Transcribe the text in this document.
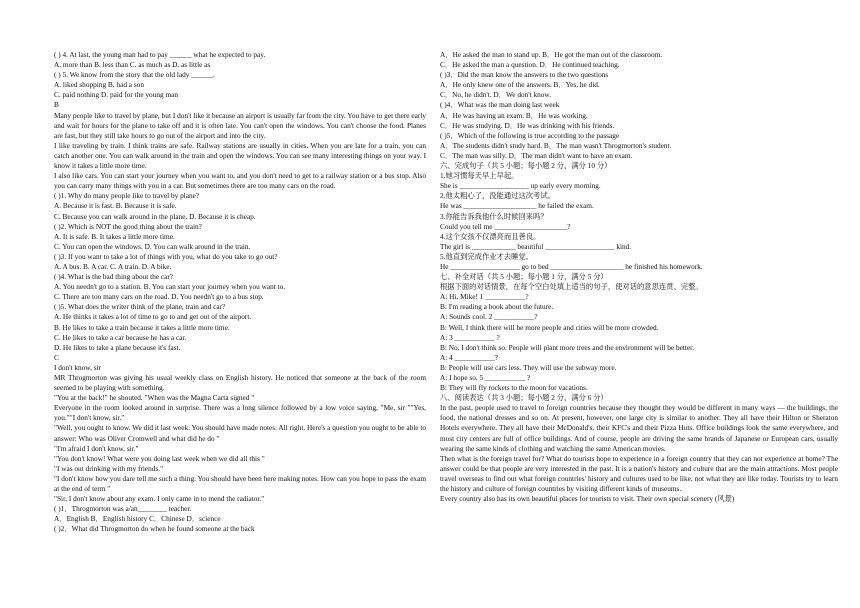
( ) 4. At last, the young man had to pay ______ what he expected to pay.
A. more than B. less than C. as much as D. as little as
( ) 5. We know from the story that the old lady ______.
A. liked shopping B. had a son
C. paid nothing D. paid for the young man
B
Many people like to travel by plane, but I don't like it because an airport is usually far from the city. You have to get there early and wait for hours for the plane to take off and it is often late. You can't open the windows. You can't choose the food. Planes are fast, but they still take hours to go out of the airport and into the city.
I like traveling by train. I think trains are safe. Railway stations are usually in cities. When you are late for a train, you can catch another one. You can walk around in the train and open the windows. You can see many interesting things on your way. I know it takes a little more time.
I also like cars. You can start your journey when you want to, and you don't need to get to a railway station or a bus stop. Also you can carry many things with you in a car. But sometimes there are too many cars on the road.
( )1. Why do many people like to travel by plane?
A. Because it is fast. B. Because it is safe.
C. Because you can walk around in the plane. D. Because it is cheap.
( )2. Which is NOT the good thing about the train?
A. It is safe. B. It takes a little more time.
C. You can open the windows. D. You can walk around in the train.
( )3. If you want to take a lot of things with you, what do you take to go out?
A. A bus. B. A car. C. A train. D. A bike.
( )4. What is the bad thing about the car?
A. You needn't go to a station. B. You can start your journey when you want to.
C. There are too many cars on the road. D. You needn't go to a bus stop.
( )5. What does the writer think of the plane, train and car?
A. He thinks it takes a lot of time to go to and get out of the airport.
B. He likes to take a train because it takes a little more time.
C. He likes to take a car because he has a car.
D. He likes to take a plane because it's fast.
C
I don't know, sir
MR Throgmorton was giving his usual weekly class on English history. He noticed that someone at the back of the room seemed to be playing with something.
"You at the back!" he shouted. "When was the Magna Carta signed "
Everyone in the room looked around in surprise. There was a long silence followed by a low voice saying, "Me, sir ""Yes, you.""I don't know, sir."
"Well, you ought to know. We did it last week. You should have made notes. All right. Here's a question you ought to be able to answer: Who was Oliver Cromwell and what did he do "
"I'm afraid I don't know, sir."
"You don't know! What were you doing last week when we did all this "
"I was out drinking with my friends."
"I don't know how you dare tell me such a thing. You should have been here making notes. How can you hope to pass the exam at the end of term "
"Sir, I don't know about any exam. I only came in to mend the radiator."
( )1．Throgmorton was a/an________ teacher.
A．English B．English history C．Chinese D．science
( )2．What did Throgmorton do when he found someone at the back
A．He asked the man to stand up. B．He got the man out of the classroom.
C．He asked the man a question. D．He continued teaching.
( )3．Did the man know the answers to the two questions
A．He only knew one of the answers. B．Yes, he did.
C．No, he didn't. D．We don't know.
( )4．What was the man doing last week
A．He was having an exam. B．He was working.
C．He was studying. D．He was drinking with his friends.
( )5．Which of the following is true according to the passage
A．The students didn't study hard. B．The man wasn't Throgmorton's student.
C．The man was silly. D．The man didn't want to have an exam.
六、完成句子（共 5 小题；每小题 2 分，满分 10 分）
1.她习惯每天早上早起。
She is ___________________ up early every morning.
2.他太粗心了，没能通过这次考试。
He was ____________________ he failed the exam.
3.你能告诉我他什么时候回来吗？
Could you tell me ____________________?
4.这个女孩不仅漂亮而且善良。
The girl is ____________ beautiful ___________________ kind.
5.他直到完成作业才去睡觉。
He ___________________ go to bed ____________________ he finished his homework.
七、补全对话（共 5 小题；每小题 1 分，满分 5 分）
根据下面的对话情景，在每个空白处填上适当的句子，使对话的意思连贯、完整。
A: Hi, Mike! 1 ___________?
B: I'm reading a book about the future.
A: Sounds cool. 2 ___________?
B: Well, I think there will be more people and cities will be more crowded.
A: 3 ___________ ?
B: No, I don't think so. People will plant more trees and the environment will be better.
A: 4 ___________?
B: People will use cars less. They will use the subway more.
A: I hope so. 5 ___________ ?
B: They will fly rockets to the moon for vacations.
八、阅读表达（共 3 小题；每小题 2 分，满分 6 分）
In the past, people used to travel to foreign countries because they thought they would be different in many ways — the buildings, the food, the national dresses and so on. At present, however, one large city is similar to another. They all have their Hilton or Sheraton Hotels everywhere. They all have their McDonald's, their KFC's and their Pizza Huts. Office buildings look the same everywhere, and most city centers are full of office buildings. And of course, people are driving the same brands of Japanese or European cars, usually wearing the same kinds of clothing and watching the same American movies.
Then what is the foreign travel for? What do tourists hope to experience in a foreign country that they can not experience at home? The answer could be that people are very interested in the past. It is a nation's history and culture that are the main attractions. Most people travel overseas to find out what foreign countries' history and cultures used to be like, not what they are like today. Tourists try to learn the history and culture of foreign countries by visiting different kinds of museums.
Every country also has its own beautiful places for tourists to visit. Their own special scenery (风景)
